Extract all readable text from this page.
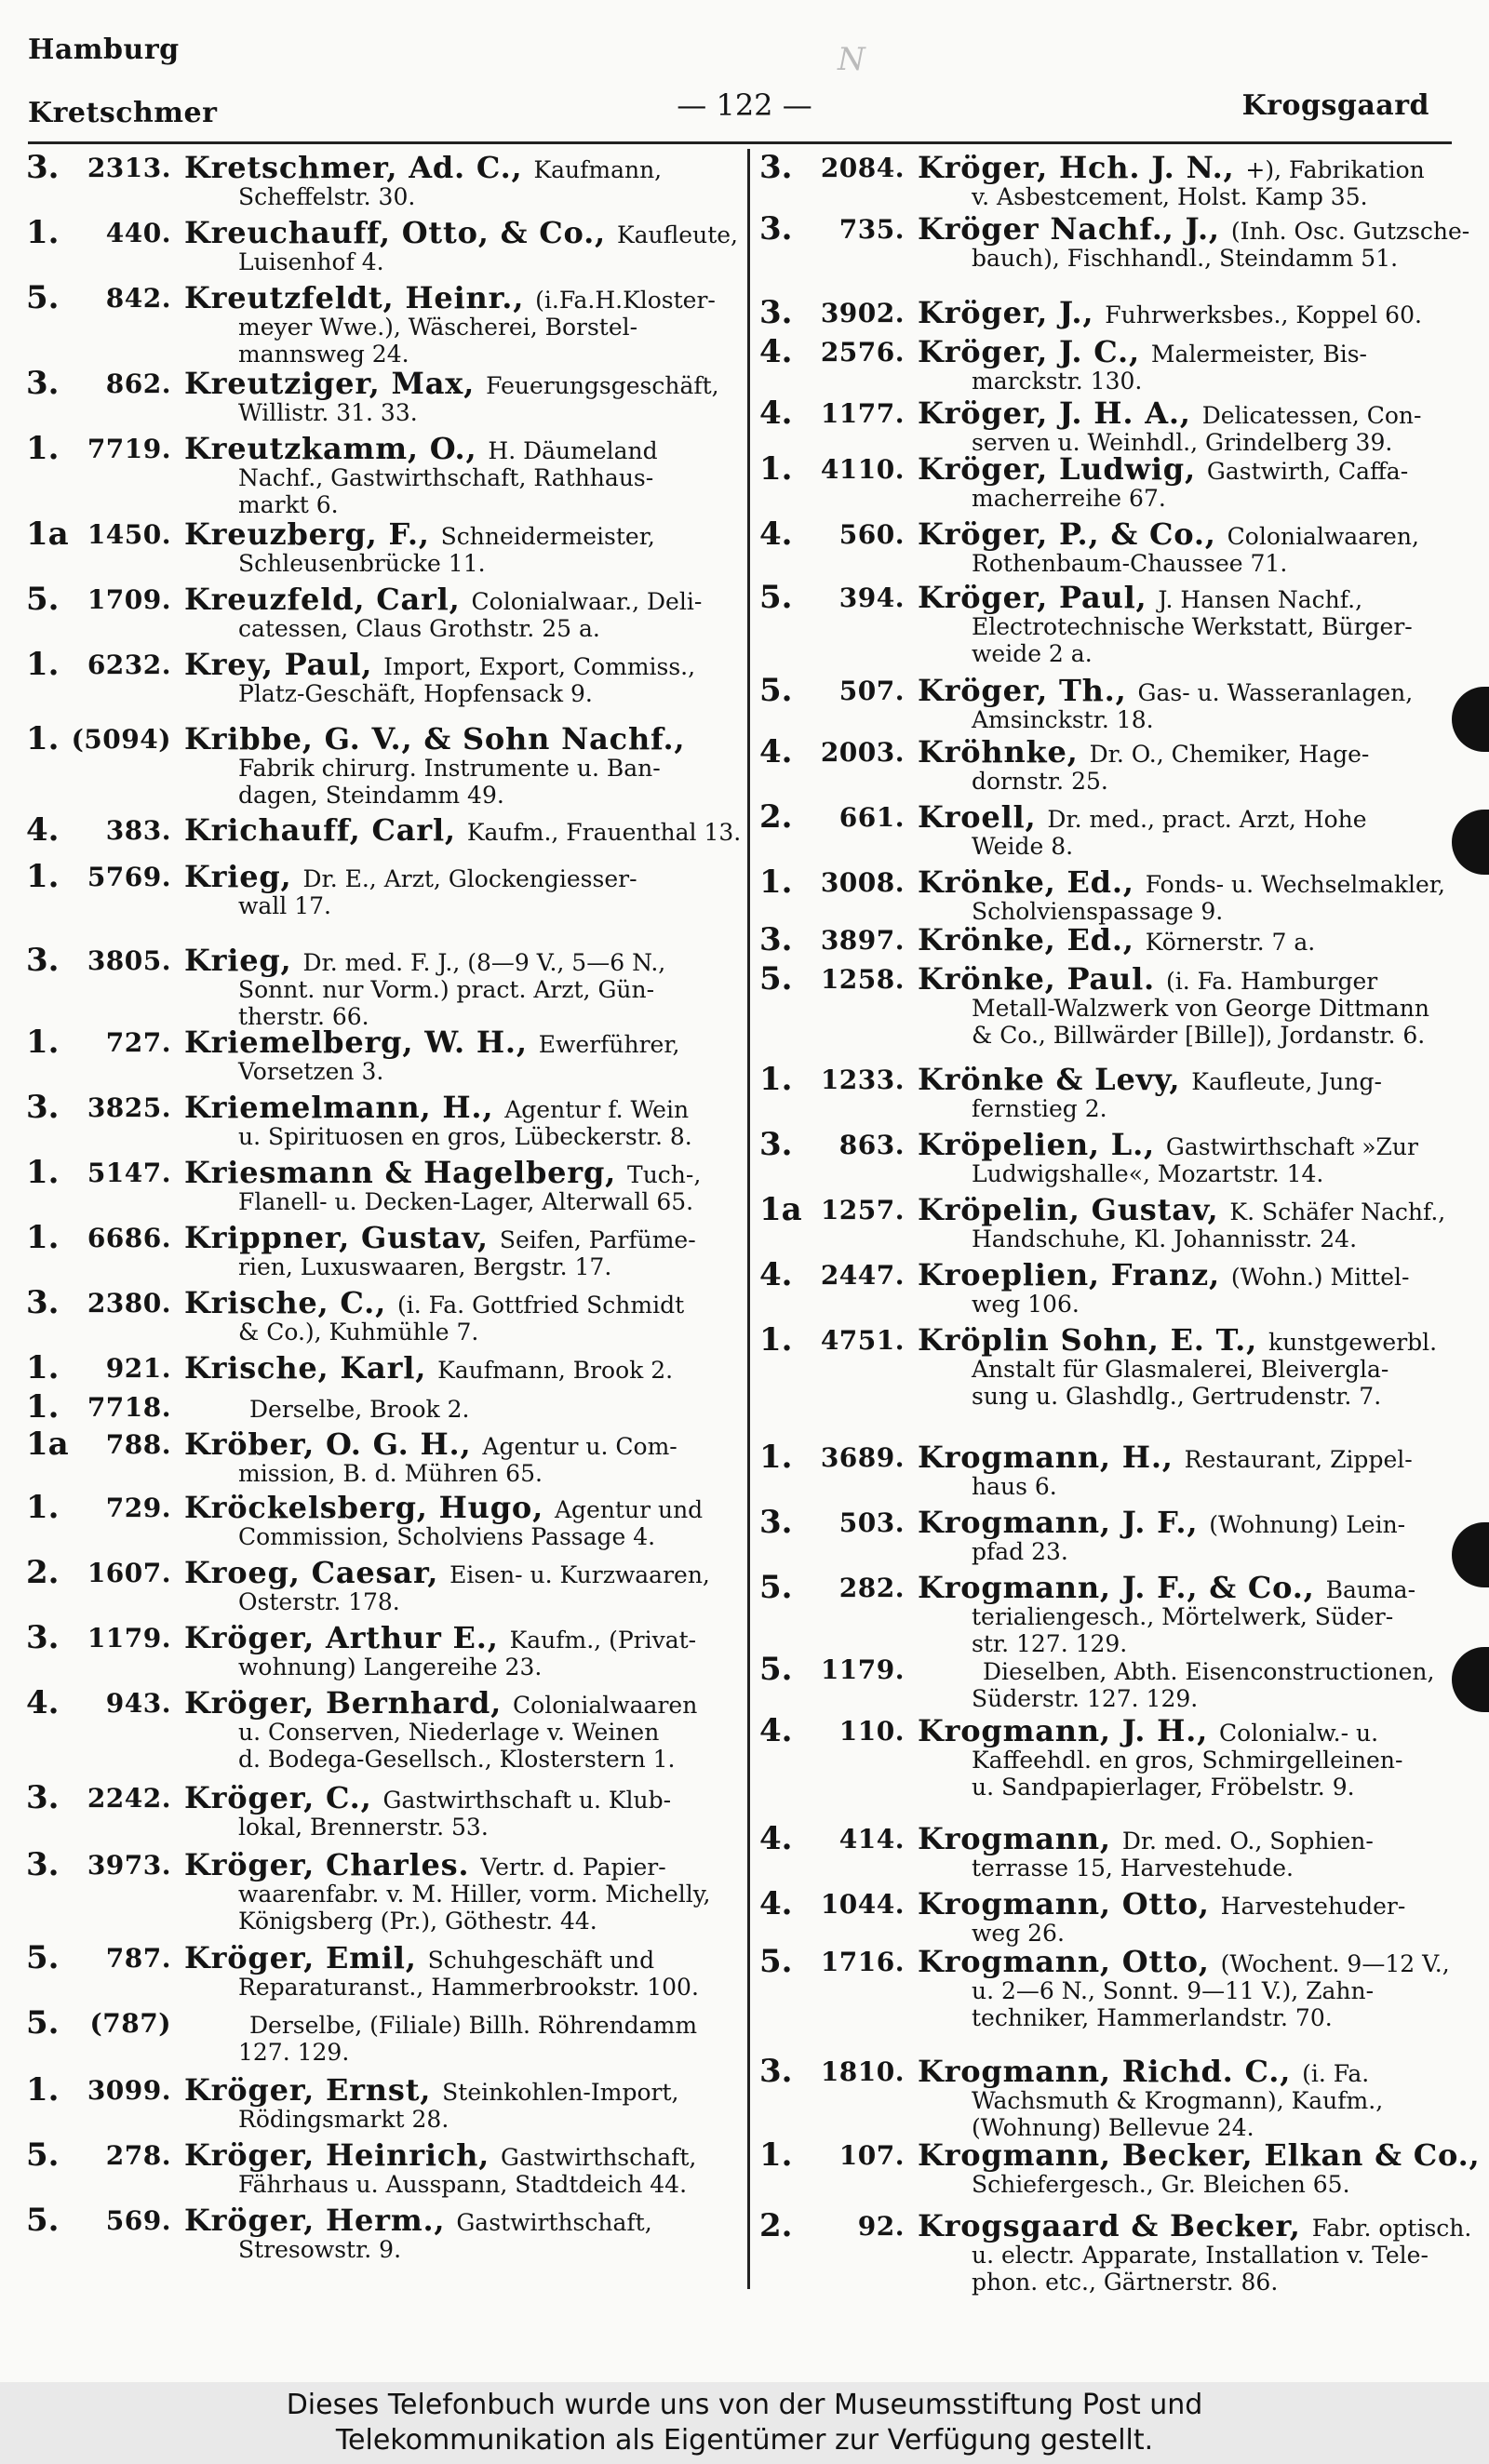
Hamburg
Kretschmer	— 122 —	Krogsgaard
N
3.	2313. Kretschmer, Ad. C., Kaufmann,
Scheffelstr. 30.
1.	440. Kreuchauff, Otto, & Co., Kaufleute,
Luisenhof 4.
5.	842. Kreutzfeldt, Heinr., (i.Fa.H.Kloster-
meyer Wwe.), Wäscherei, Borstel-
mannsweg 24.
3.	862. Kreutziger, Max, Feuerungsgeschäft,
Willistr. 31. 33.
1.	7719. Kreutzkamm, O., H. Däumeland
Nachf., Gastwirthschaft, Rathhaus-
markt 6.
1a 1450. Kreuzberg, F., Schneidermeister,
Schleusenbrücke 11.
5.	1709. Kreuzfeld, Carl, Colonialwaar., Deli-
catessen, Claus Grothstr. 25 a.
1.	6232. Krey, Paul, Import, Export, Commiss.,
Platz-Geschäft, Hopfensack 9.
1. (5094) Kribbe, G. V., & Sohn Nachf.,
Fabrik chirurg. Instrumente u. Ban-
dagen, Steindamm 49.
4.	383. Krichauff, Carl, Kaufm., Frauenthal 13.
1.	5769. Krieg, Dr. E., Arzt, Glockengiesser-
wall 17.
3.	3805. Krieg, Dr. med. F. J., (8—9 V., 5—6 N.,
Sonnt. nur Vorm.) pract. Arzt, Gün-
therstr. 66.
1.	727. Kriemelberg, W. H., Ewerführer,
Vorsetzen 3.
3.	3825. Kriemelmann, H., Agentur f. Wein
u. Spirituosen en gros, Lübeckerstr. 8.
1.	5147. Kriesmann & Hagelberg, Tuch-,
Flanell- u. Decken-Lager, Alterwall 65.
1.	6686. Krippner, Gustav, Seifen, Parfüme-
rien, Luxuswaaren, Bergstr. 17.
3.	2380. Krische, C., (i. Fa. Gottfried Schmidt
& Co.), Kuhmühle 7.
1.	921. Krische, Karl, Kaufmann, Brook 2.
1.	7718.	Derselbe, Brook 2.
1a	788. Kröber, O. G. H., Agentur u. Com-
mission, B. d. Mühren 65.
1.	729. Kröckelsberg, Hugo, Agentur und
Commission, Scholviens Passage 4.
2.	1607. Kroeg, Caesar, Eisen- u. Kurzwaaren,
Osterstr. 178.
3.	1179. Kröger, Arthur E., Kaufm., (Privat-
wohnung) Langereihe 23.
4.	943. Kröger, Bernhard, Colonialwaaren
u. Conserven, Niederlage v. Weinen
d. Bodega-Gesellsch., Klosterstern 1.
3.	2242. Kröger, C., Gastwirthschaft u. Klub-
lokal, Brennerstr. 53.
3.	3973. Kröger, Charles. Vertr. d. Papier-
waarenfabr. v. M. Hiller, vorm. Michelly,
Königsberg (Pr.), Göthestr. 44.
5.	787. Kröger, Emil, Schuhgeschäft und
Reparaturanst., Hammerbrookstr. 100.
5.	(787)	Derselbe, (Filiale) Billh. Röhrendamm
127. 129.
1.	3099. Kröger, Ernst, Steinkohlen-Import,
Rödingsmarkt 28.
5.	278. Kröger, Heinrich, Gastwirthschaft,
Fährhaus u. Ausspann, Stadtdeich 44.
5.	569. Kröger, Herm., Gastwirthschaft,
Stresowstr. 9.
3.	2084. Kröger, Hch. J. N., +), Fabrikation
v. Asbestcement, Holst. Kamp 35.
3.	735. Kröger Nachf., J., (Inh. Osc. Gutzsche-
bauch), Fischhandl., Steindamm 51.
3.	3902. Kröger, J., Fuhrwerksbes., Koppel 60.
4.	2576. Kröger, J. C., Malermeister, Bis-
marckstr. 130.
4.	1177. Kröger, J. H. A., Delicatessen, Con-
serven u. Weinhdl., Grindelberg 39.
1.	4110. Kröger, Ludwig, Gastwirth, Caffa-
macherreihe 67.
4.	560. Kröger, P., & Co., Colonialwaaren,
Rothenbaum-Chaussee 71.
5.	394. Kröger, Paul, J. Hansen Nachf.,
Electrotechnische Werkstatt, Bürger-
weide 2 a.
5.	507. Kröger, Th., Gas- u. Wasseranlagen,
Amsinckstr. 18.
4.	2003. Kröhnke, Dr. O., Chemiker, Hage-
dornstr. 25.
2.	661. Kroell, Dr. med., pract. Arzt, Hohe
Weide 8.
1.	3008. Krönke, Ed., Fonds- u. Wechselmakler,
Scholvienspassage 9.
3.	3897. Krönke, Ed., Körnerstr. 7 a.
5.	1258. Krönke, Paul. (i. Fa. Hamburger
Metall-Walzwerk von George Dittmann
& Co., Billwärder [Bille]), Jordanstr. 6.
1.	1233. Krönke & Levy, Kaufleute, Jung-
fernstieg 2.
3.	863. Kröpelien, L., Gastwirthschaft »Zur
Ludwigshalle«, Mozartstr. 14.
1a 1257. Kröpelin, Gustav, K. Schäfer Nachf.,
Handschuhe, Kl. Johannisstr. 24.
4.	2447. Kroeplien, Franz, (Wohn.) Mittel-
weg 106.
1.	4751. Kröplin Sohn, E. T., kunstgewerbl.
Anstalt für Glasmalerei, Bleivergla-
sung u. Glashdlg., Gertrudenstr. 7.
1.	3689. Krogmann, H., Restaurant, Zippel-
haus 6.
3.	503. Krogmann, J. F., (Wohnung) Lein-
pfad 23.
5.	282. Krogmann, J. F., & Co., Bauma-
terialiengesch., Mörtelwerk, Süder-
str. 127. 129.
5.	1179.	Dieselben, Abth. Eisenconstructionen,
Süderstr. 127. 129.
4.	110. Krogmann, J. H., Colonialw.- u.
Kaffeehdl. en gros, Schmirgelleinen-
u. Sandpapierlager, Fröbelstr. 9.
4.	414. Krogmann, Dr. med. O., Sophien-
terrasse 15, Harvestehude.
4.	1044. Krogmann, Otto, Harvestehuder-
weg 26.
5.	1716. Krogmann, Otto, (Wochent. 9—12 V.,
u. 2—6 N., Sonnt. 9—11 V.), Zahn-
techniker, Hammerlandstr. 70.
3.	1810. Krogmann, Richd. C., (i. Fa.
Wachsmuth & Krogmann), Kaufm.,
(Wohnung) Bellevue 24.
1.	107. Krogmann, Becker, Elkan & Co.,
Schiefergesch., Gr. Bleichen 65.
2.	92. Krogsgaard & Becker, Fabr. optisch.
u. electr. Apparate, Installation v. Tele-
phon. etc., Gärtnerstr. 86.
Dieses Telefonbuch wurde uns von der Museumsstiftung Post und
Telekommunikation als Eigentümer zur Verfügung gestellt.
